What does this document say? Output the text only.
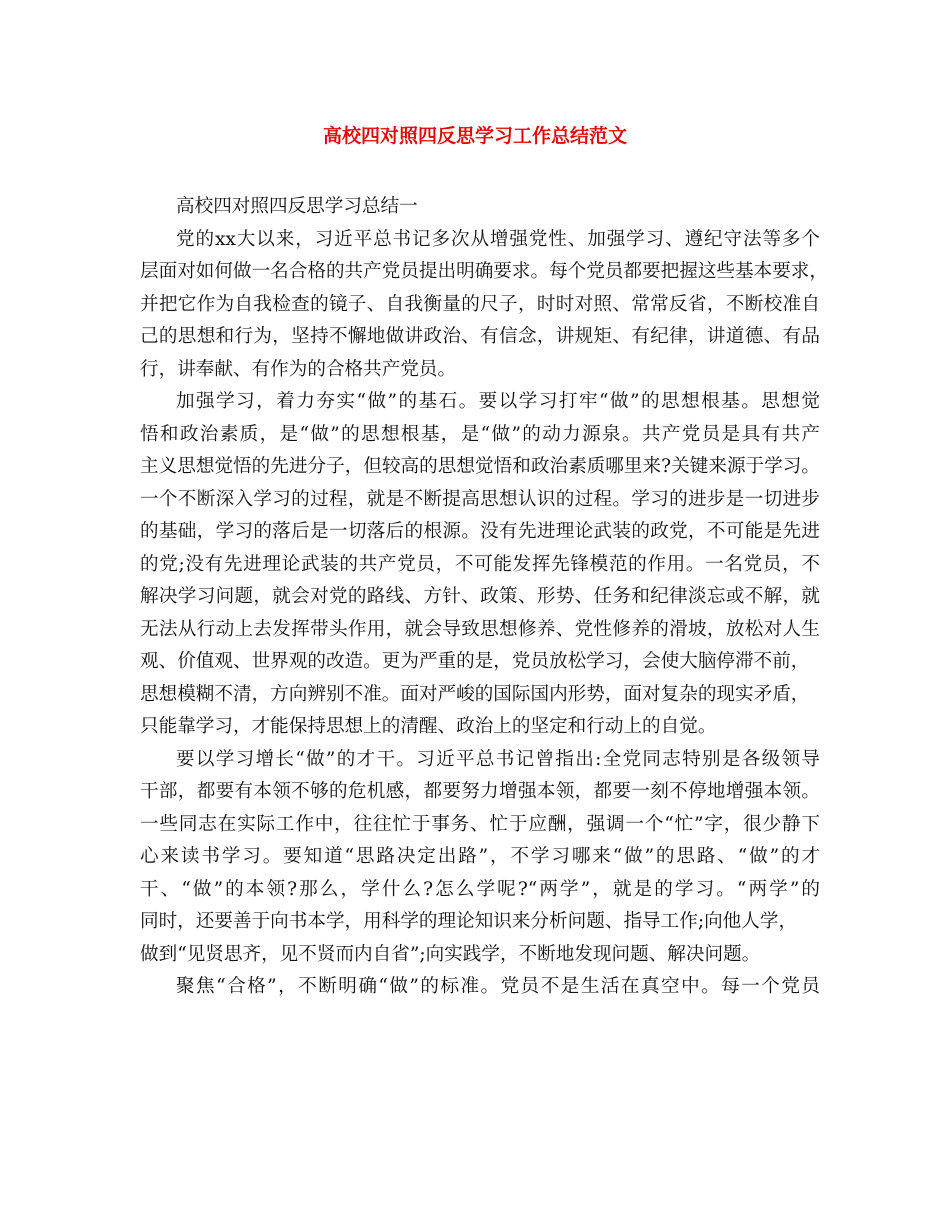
高校四对照四反思学习工作总结范文
高校四对照四反思学习总结一
党的xx大以来，习近平总书记多次从增强党性、加强学习、遵纪守法等多个
层面对如何做一名合格的共产党员提出明确要求。每个党员都要把握这些基本要求，
并把它作为自我检查的镜子、自我衡量的尺子，时时对照、常常反省，不断校准自
己的思想和行为，坚持不懈地做讲政治、有信念，讲规矩、有纪律，讲道德、有品
行，讲奉献、有作为的合格共产党员。
加强学习，着力夯实“做”的基石。要以学习打牢“做”的思想根基。思想觉
悟和政治素质，是“做”的思想根基，是“做”的动力源泉。共产党员是具有共产
主义思想觉悟的先进分子，但较高的思想觉悟和政治素质哪里来?关键来源于学习。
一个不断深入学习的过程，就是不断提高思想认识的过程。学习的进步是一切进步
的基础，学习的落后是一切落后的根源。没有先进理论武装的政党，不可能是先进
的党;没有先进理论武装的共产党员，不可能发挥先锋模范的作用。一名党员，不
解决学习问题，就会对党的路线、方针、政策、形势、任务和纪律淡忘或不解，就
无法从行动上去发挥带头作用，就会导致思想修养、党性修养的滑坡，放松对人生
观、价值观、世界观的改造。更为严重的是，党员放松学习，会使大脑停滞不前，
思想模糊不清，方向辨别不准。面对严峻的国际国内形势，面对复杂的现实矛盾，
只能靠学习，才能保持思想上的清醒、政治上的坚定和行动上的自觉。
要以学习增长“做”的才干。习近平总书记曾指出:全党同志特别是各级领导
干部，都要有本领不够的危机感，都要努力增强本领，都要一刻不停地增强本领。
一些同志在实际工作中，往往忙于事务、忙于应酬，强调一个“忙”字，很少静下
心来读书学习。要知道“思路决定出路”，不学习哪来“做”的思路、“做”的才
干、“做”的本领?那么，学什么?怎么学呢?“两学”，就是的学习。“两学”的
同时，还要善于向书本学，用科学的理论知识来分析问题、指导工作;向他人学，
做到“见贤思齐，见不贤而内自省”;向实践学，不断地发现问题、解决问题。
聚焦“合格”，不断明确“做”的标准。党员不是生活在真空中。每一个党员
